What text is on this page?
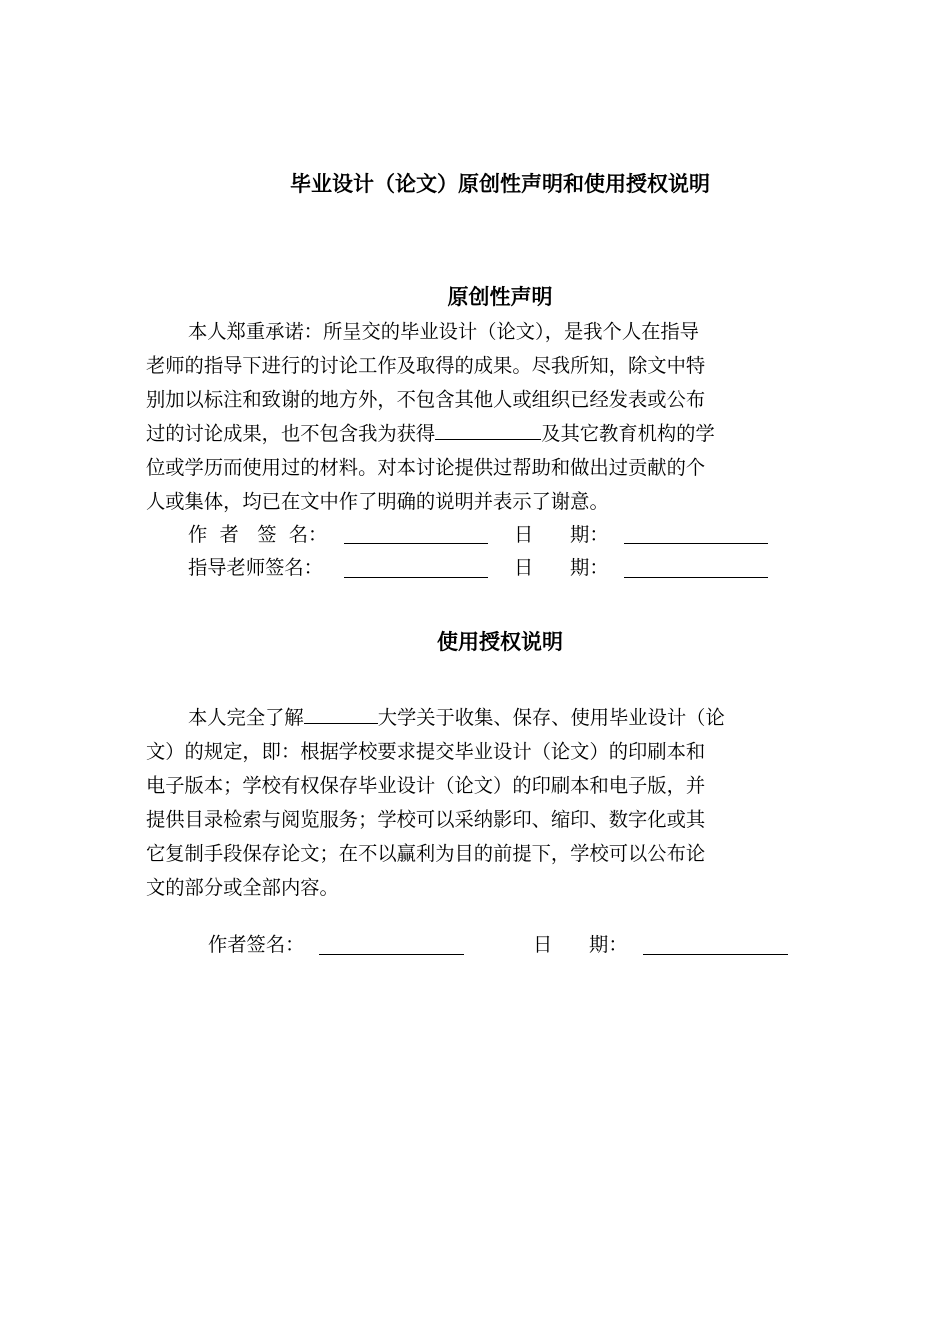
毕业设计（论文）原创性声明和使用授权说明
原创性声明
本人郑重承诺：所呈交的毕业设计（论文），是我个人在指导
老师的指导下进行的讨论工作及取得的成果。尽我所知，除文中特
别加以标注和致谢的地方外，不包含其他人或组织已经发表或公布
过的讨论成果，也不包含我为获得	及其它教育机构的学
位或学历而使用过的材料。对本讨论提供过帮助和做出过贡献的个
人或集体，均已在文中作了明确的说明并表示了谢意。
作  者   签  名：	日      期：
指导老师签名：	日      期：
使用授权说明
本人完全了解	大学关于收集、保存、使用毕业设计（论
文）的规定，即：根据学校要求提交毕业设计（论文）的印刷本和
电子版本；学校有权保存毕业设计（论文）的印刷本和电子版，并
提供目录检索与阅览服务；学校可以采纳影印、缩印、数字化或其
它复制手段保存论文；在不以赢利为目的前提下，学校可以公布论
文的部分或全部内容。
作者签名：	日      期：
